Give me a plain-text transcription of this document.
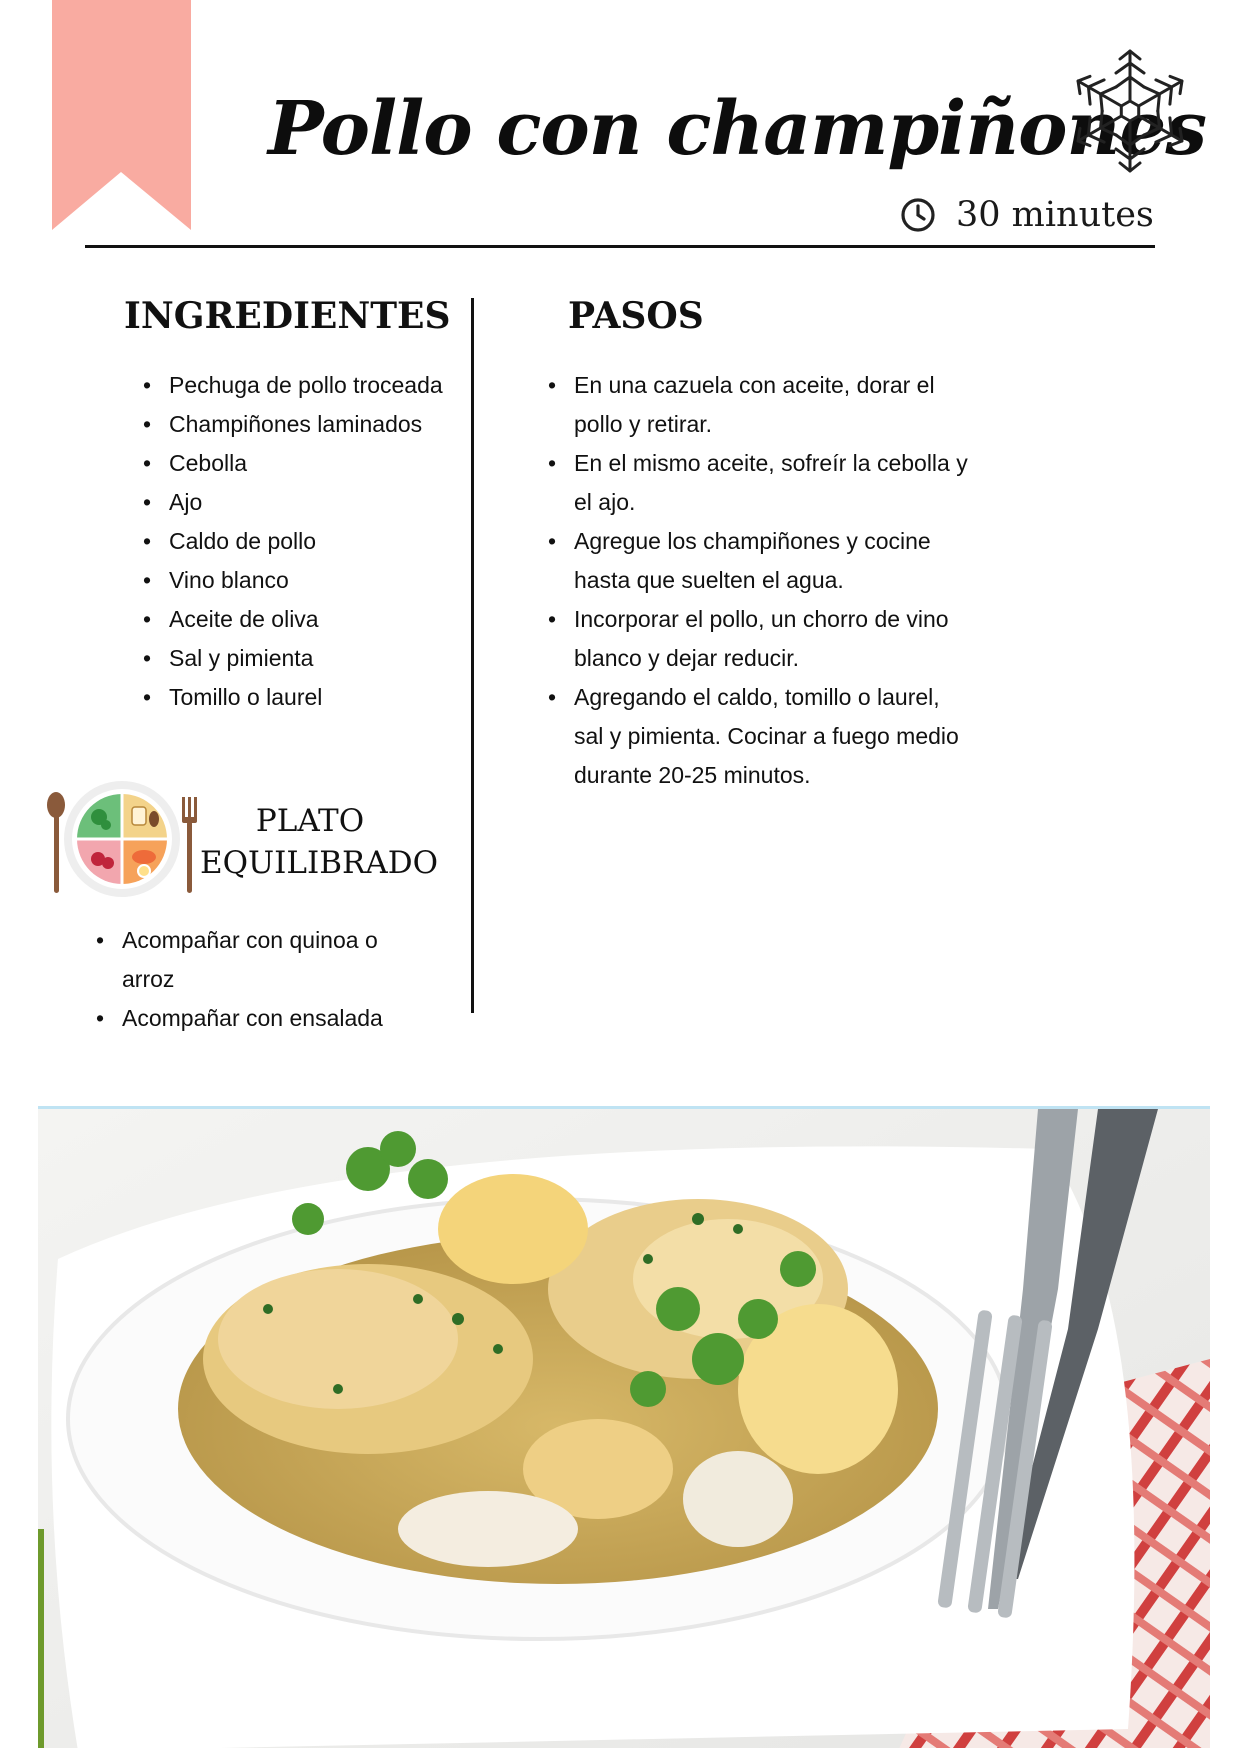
Pollo con champiñones
30 minutes
INGREDIENTES
• Pechuga de pollo troceada
• Champiñones laminados
• Cebolla
• Ajo
• Caldo de pollo
• Vino blanco
• Aceite de oliva
• Sal y pimienta
• Tomillo o laurel
PASOS
• En una cazuela con aceite, dorar el pollo y retirar.
• En el mismo aceite, sofreír la cebolla y el ajo.
• Agregue los champiñones y cocine hasta que suelten el agua.
• Incorporar el pollo, un chorro de vino blanco y dejar reducir.
• Agregando el caldo, tomillo o laurel, sal y pimienta. Cocinar a fuego medio durante 20-25 minutos.
PLATO
EQUILIBRADO
• Acompañar con quinoa o arroz
• Acompañar con ensalada
